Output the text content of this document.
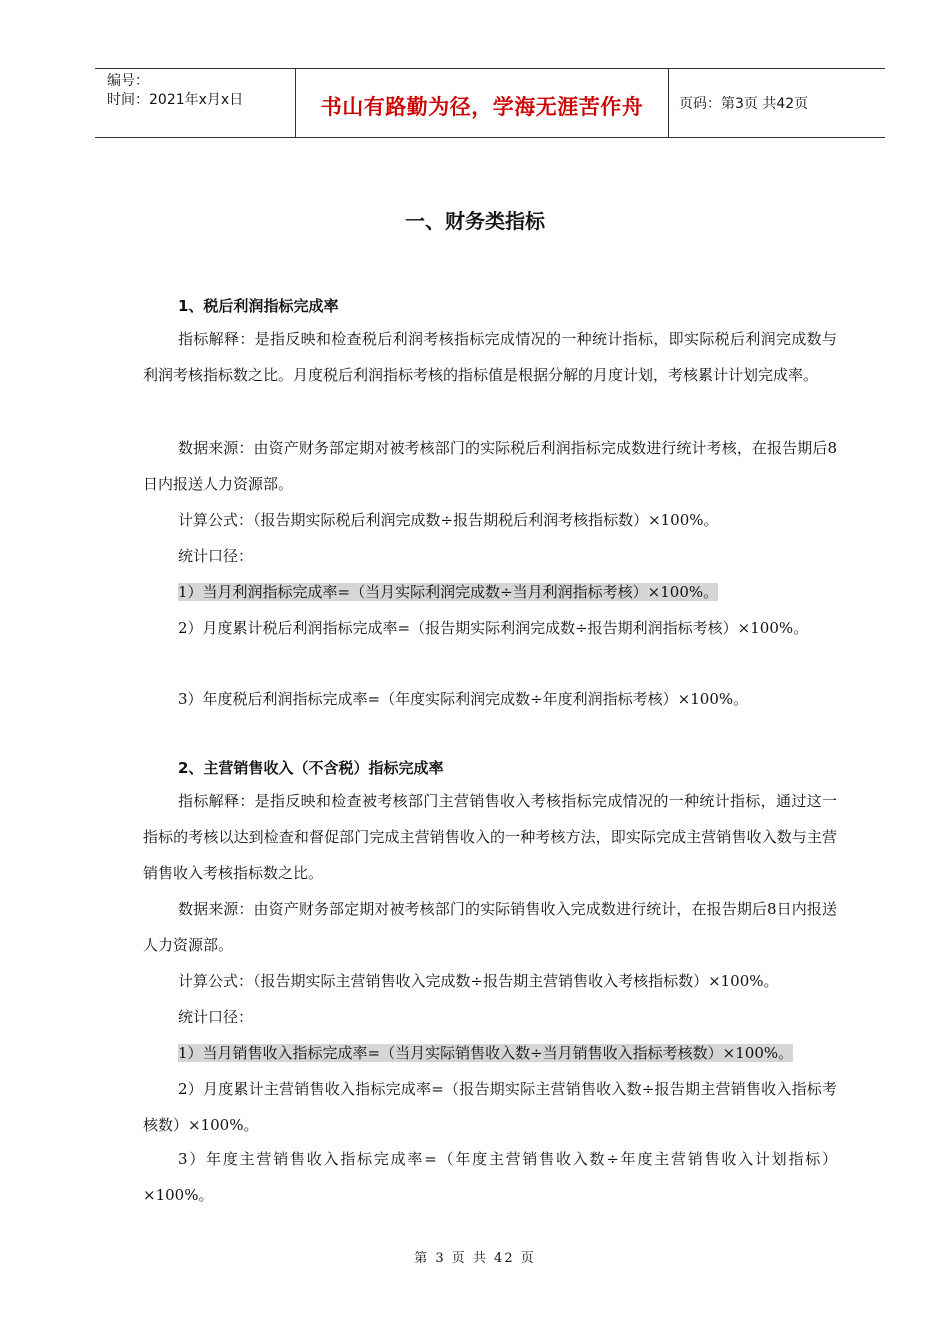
编号：
时间：2021年x月x日	书山有路勤为径，学海无涯苦作舟	页码：第3页 共42页
一、财务类指标
1、税后利润指标完成率

指标解释：是指反映和检查税后利润考核指标完成情况的一种统计指标，即实际税后利润完成数与利润考核指标数之比。月度税后利润指标考核的指标值是根据分解的月度计划，考核累计计划完成率。

数据来源：由资产财务部定期对被考核部门的实际税后利润指标完成数进行统计考核，在报告期后8日内报送人力资源部。

计算公式：（报告期实际税后利润完成数÷报告期税后利润考核指标数）×100%。

统计口径：

1）当月利润指标完成率=（当月实际利润完成数÷当月利润指标考核）×100%。

2）月度累计税后利润指标完成率=（报告期实际利润完成数÷报告期利润指标考核）×100%。

3）年度税后利润指标完成率=（年度实际利润完成数÷年度利润指标考核）×100%。

2、主营销售收入（不含税）指标完成率

指标解释：是指反映和检查被考核部门主营销售收入考核指标完成情况的一种统计指标，通过这一指标的考核以达到检查和督促部门完成主营销售收入的一种考核方法，即实际完成主营销售收入数与主营销售收入考核指标数之比。

数据来源：由资产财务部定期对被考核部门的实际销售收入完成数进行统计，在报告期后8日内报送人力资源部。

计算公式：（报告期实际主营销售收入完成数÷报告期主营销售收入考核指标数）×100%。

统计口径：

1）当月销售收入指标完成率=（当月实际销售收入数÷当月销售收入指标考核数）×100%。

2）月度累计主营销售收入指标完成率=（报告期实际主营销售收入数÷报告期主营销售收入指标考核数）×100%。

3）年度主营销售收入指标完成率=（年度主营销售收入数÷年度主营销售收入计划指标）×100%。

第 3 页 共 42 页
